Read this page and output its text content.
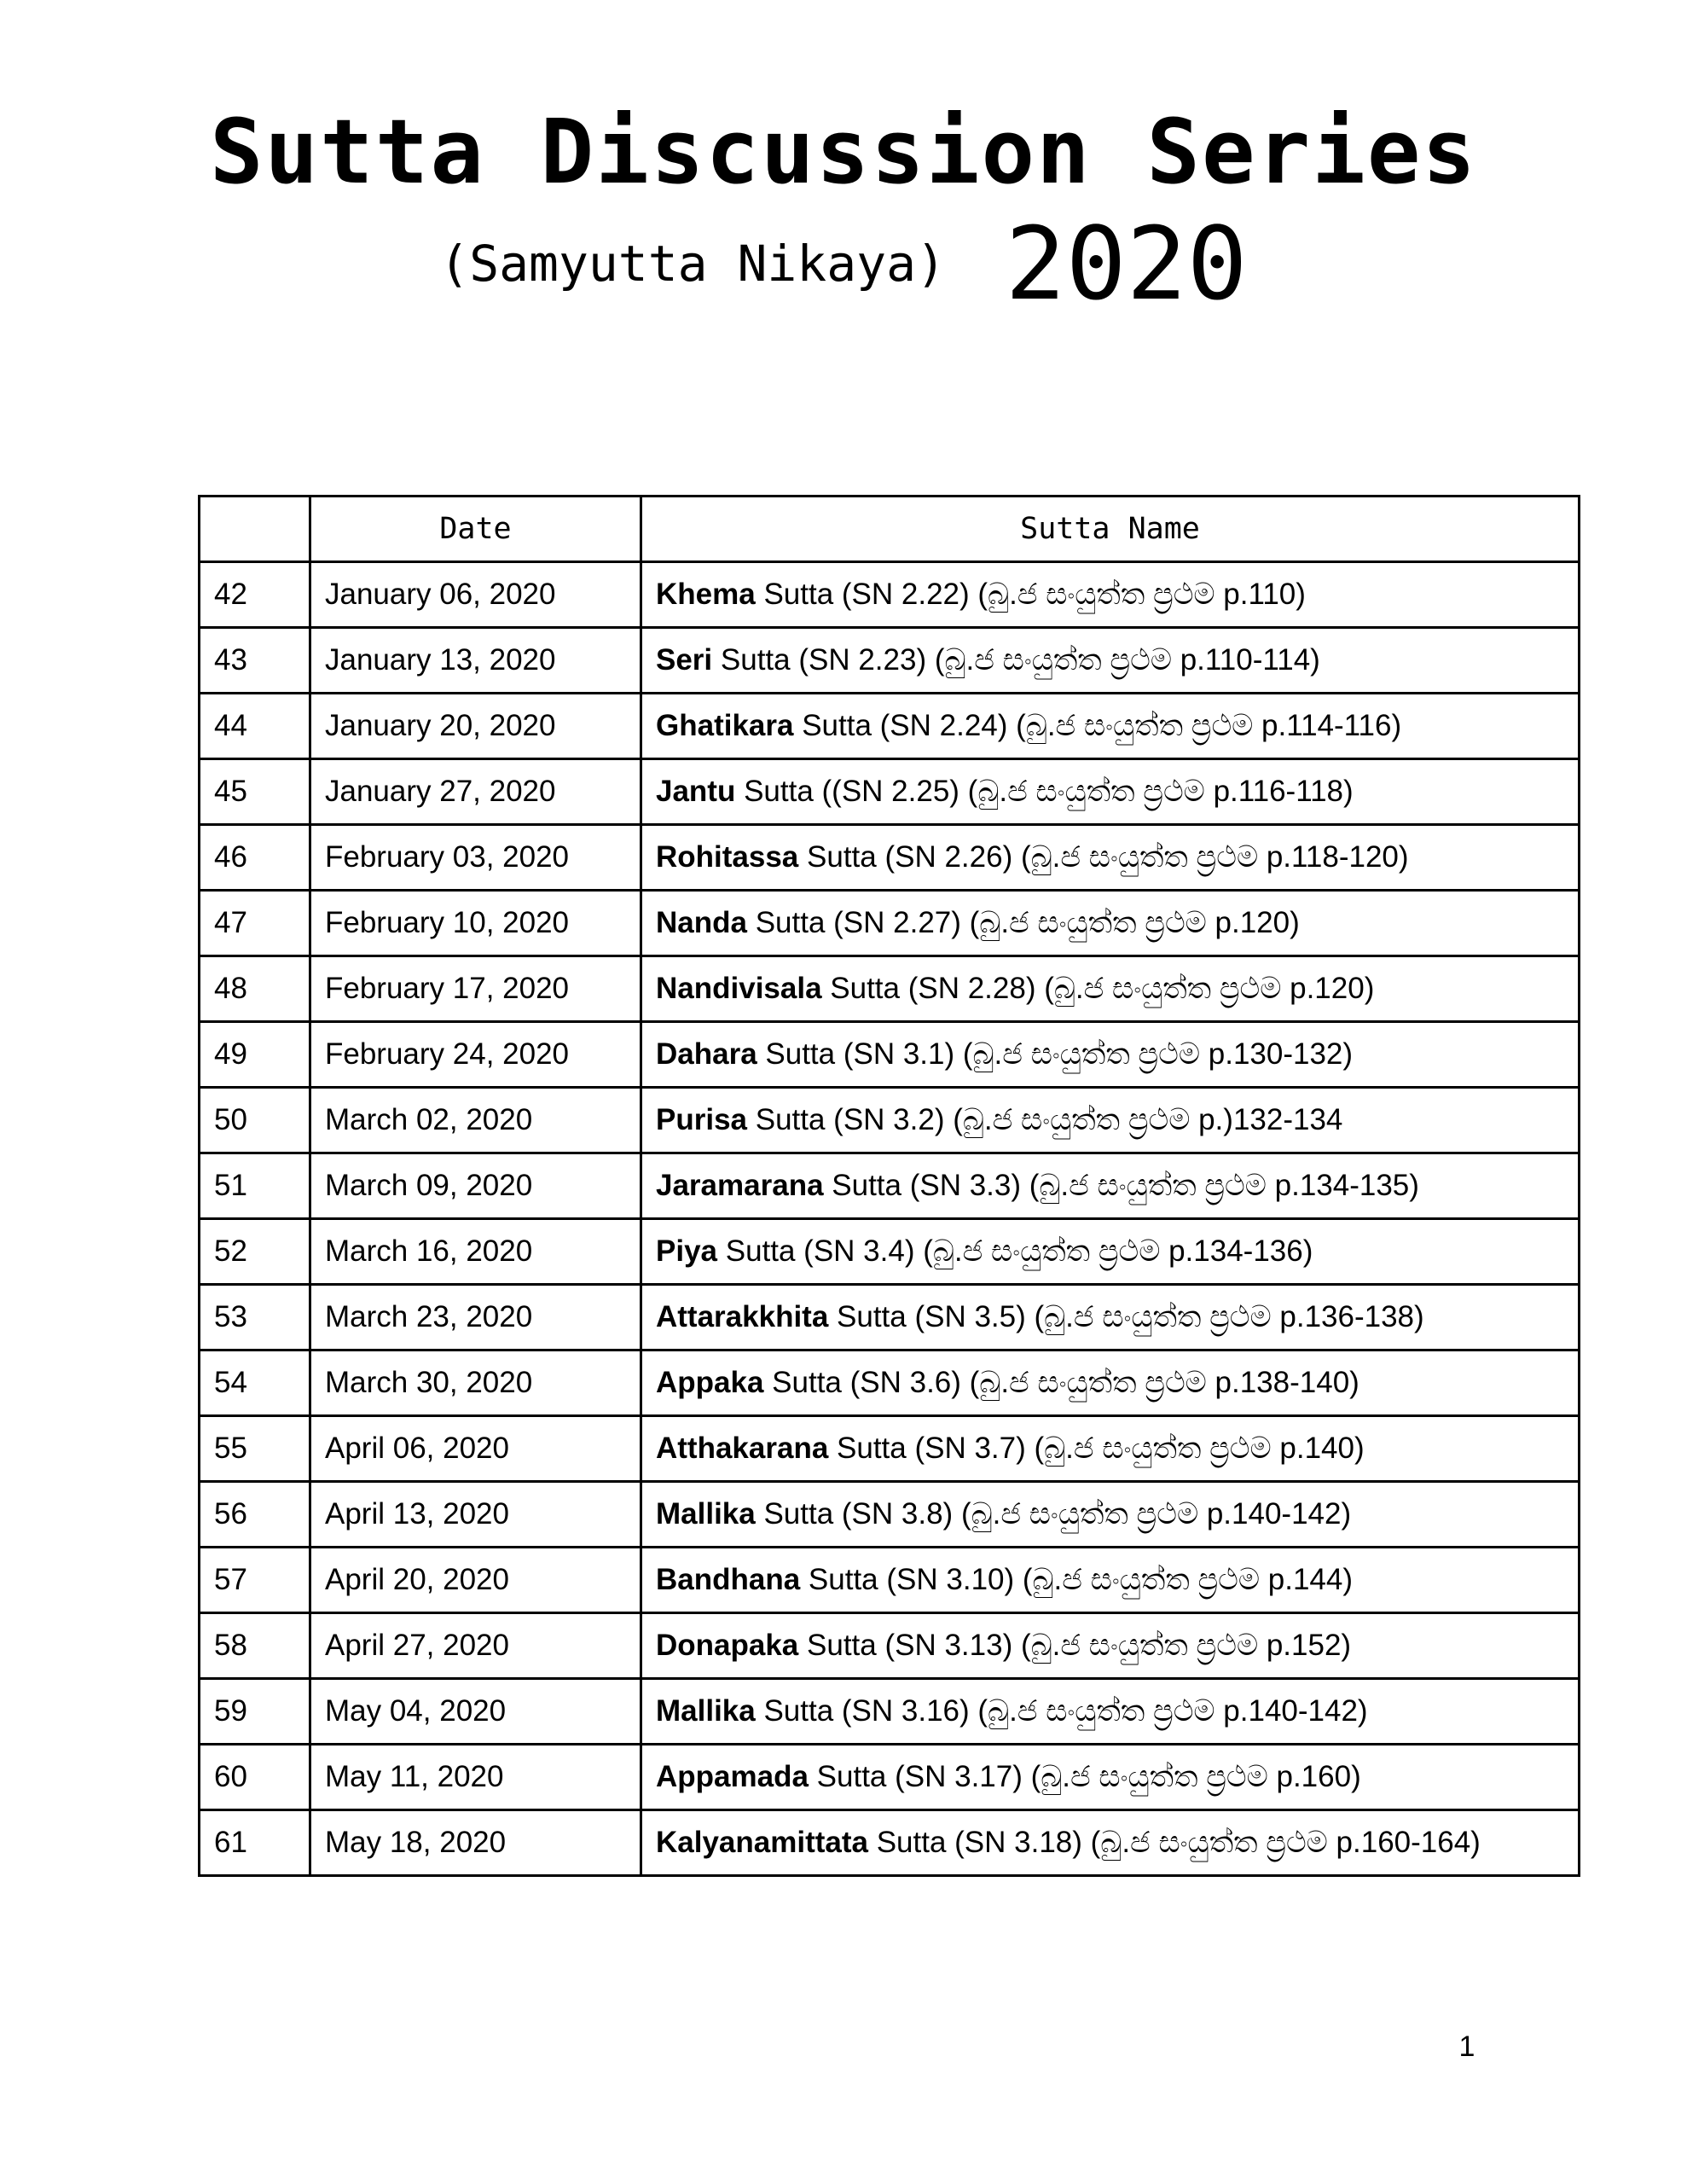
Sutta Discussion Series
(Samyutta Nikaya) 2020
	Date	Sutta Name
42	January 06, 2020	Khema Sutta (SN 2.22) (බු.ජ සංයුත්ත ප්‍රථම p.110)
43	January 13, 2020	Seri Sutta (SN 2.23) (බු.ජ සංයුත්ත ප්‍රථම p.110-114)
44	January 20, 2020	Ghatikara Sutta (SN 2.24) (බු.ජ සංයුත්ත ප්‍රථම p.114-116)
45	January 27, 2020	Jantu Sutta ((SN 2.25) (බු.ජ සංයුත්ත ප්‍රථම p.116-118)
46	February 03, 2020	Rohitassa Sutta (SN 2.26) (බු.ජ සංයුත්ත ප්‍රථම p.118-120)
47	February 10, 2020	Nanda Sutta (SN 2.27) (බු.ජ සංයුත්ත ප්‍රථම p.120)
48	February 17, 2020	Nandivisala Sutta (SN 2.28) (බු.ජ සංයුත්ත ප්‍රථම p.120)
49	February 24, 2020	Dahara Sutta (SN 3.1) (බු.ජ සංයුත්ත ප්‍රථම p.130-132)
50	March 02, 2020	Purisa Sutta (SN 3.2) (බු.ජ සංයුත්ත ප්‍රථම p.)132-134
51	March 09, 2020	Jaramarana Sutta (SN 3.3) (බු.ජ සංයුත්ත ප්‍රථම p.134-135)
52	March 16, 2020	Piya Sutta (SN 3.4) (බු.ජ සංයුත්ත ප්‍රථම p.134-136)
53	March 23, 2020	Attarakkhita Sutta (SN 3.5) (බු.ජ සංයුත්ත ප්‍රථම p.136-138)
54	March 30, 2020	Appaka Sutta (SN 3.6) (බු.ජ සංයුත්ත ප්‍රථම p.138-140)
55	April 06, 2020	Atthakarana Sutta (SN 3.7) (බු.ජ සංයුත්ත ප්‍රථම p.140)
56	April 13, 2020	Mallika Sutta (SN 3.8) (බු.ජ සංයුත්ත ප්‍රථම p.140-142)
57	April 20, 2020	Bandhana Sutta (SN 3.10) (බු.ජ සංයුත්ත ප්‍රථම p.144)
58	April 27, 2020	Donapaka Sutta (SN 3.13) (බු.ජ සංයුත්ත ප්‍රථම p.152)
59	May 04, 2020	Mallika Sutta (SN 3.16) (බු.ජ සංයුත්ත ප්‍රථම p.140-142)
60	May 11, 2020	Appamada Sutta (SN 3.17) (බු.ජ සංයුත්ත ප්‍රථම p.160)
61	May 18, 2020	Kalyanamittata Sutta (SN 3.18) (බු.ජ සංයුත්ත ප්‍රථම p.160-164)
1
